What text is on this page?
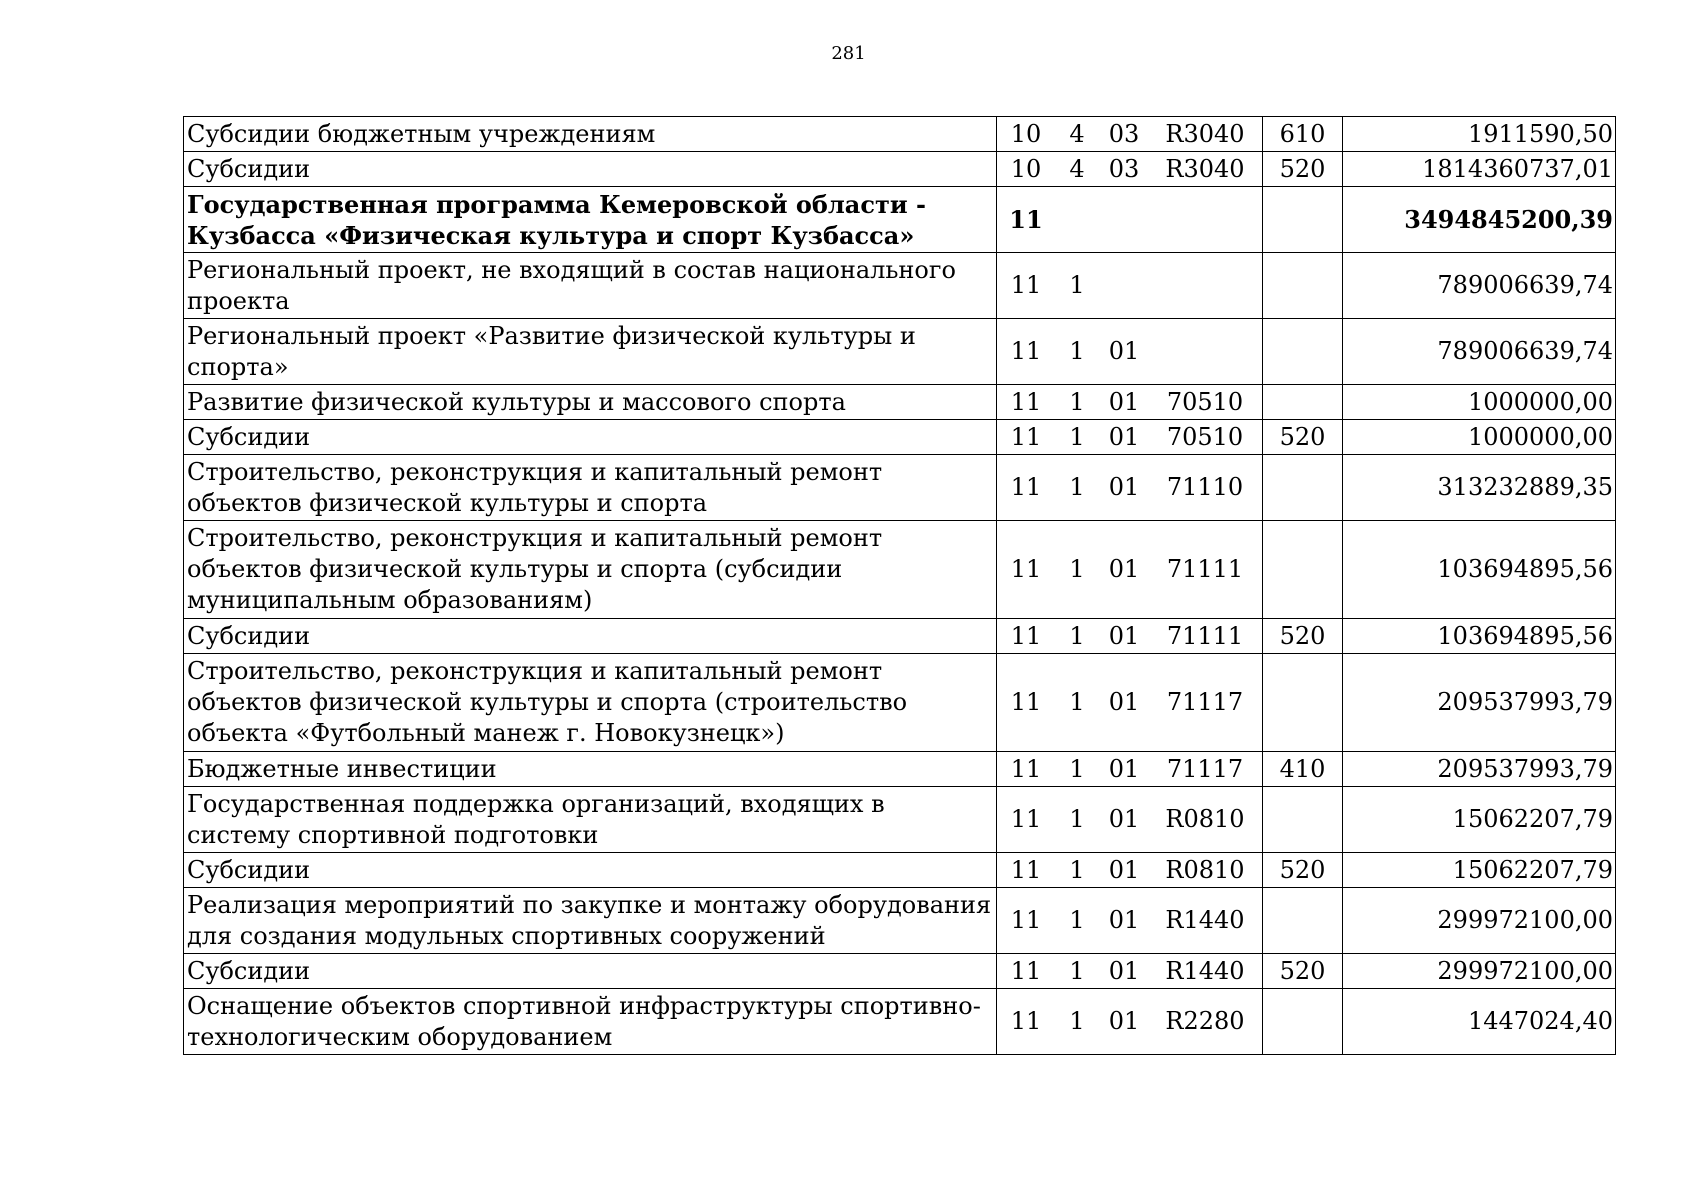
281
Субсидии бюджетным учреждениям	10 4 03 R3040	610	1911590,50
Субсидии	10 4 03 R3040	520	1814360737,01
Государственная программа Кемеровской области - Кузбасса «Физическая культура и спорт Кузбасса»	11		3494845200,39
Региональный проект, не входящий в состав национального проекта	11 1		789006639,74
Региональный проект «Развитие физической культуры и спорта»	11 1 01		789006639,74
Развитие физической культуры и массового спорта	11 1 01 70510		1000000,00
Субсидии	11 1 01 70510	520	1000000,00
Строительство, реконструкция и капитальный ремонт объектов физической культуры и спорта	11 1 01 71110		313232889,35
Строительство, реконструкция и капитальный ремонт объектов физической культуры и спорта (субсидии муниципальным образованиям)	11 1 01 71111		103694895,56
Субсидии	11 1 01 71111	520	103694895,56
Строительство, реконструкция и капитальный ремонт объектов физической культуры и спорта (строительство объекта «Футбольный манеж г. Новокузнецк»)	11 1 01 71117		209537993,79
Бюджетные инвестиции	11 1 01 71117	410	209537993,79
Государственная поддержка организаций, входящих в систему спортивной подготовки	11 1 01 R0810		15062207,79
Субсидии	11 1 01 R0810	520	15062207,79
Реализация мероприятий по закупке и монтажу оборудования для создания модульных спортивных сооружений	11 1 01 R1440		299972100,00
Субсидии	11 1 01 R1440	520	299972100,00
Оснащение объектов спортивной инфраструктуры спортивно-технологическим оборудованием	11 1 01 R2280		1447024,40
